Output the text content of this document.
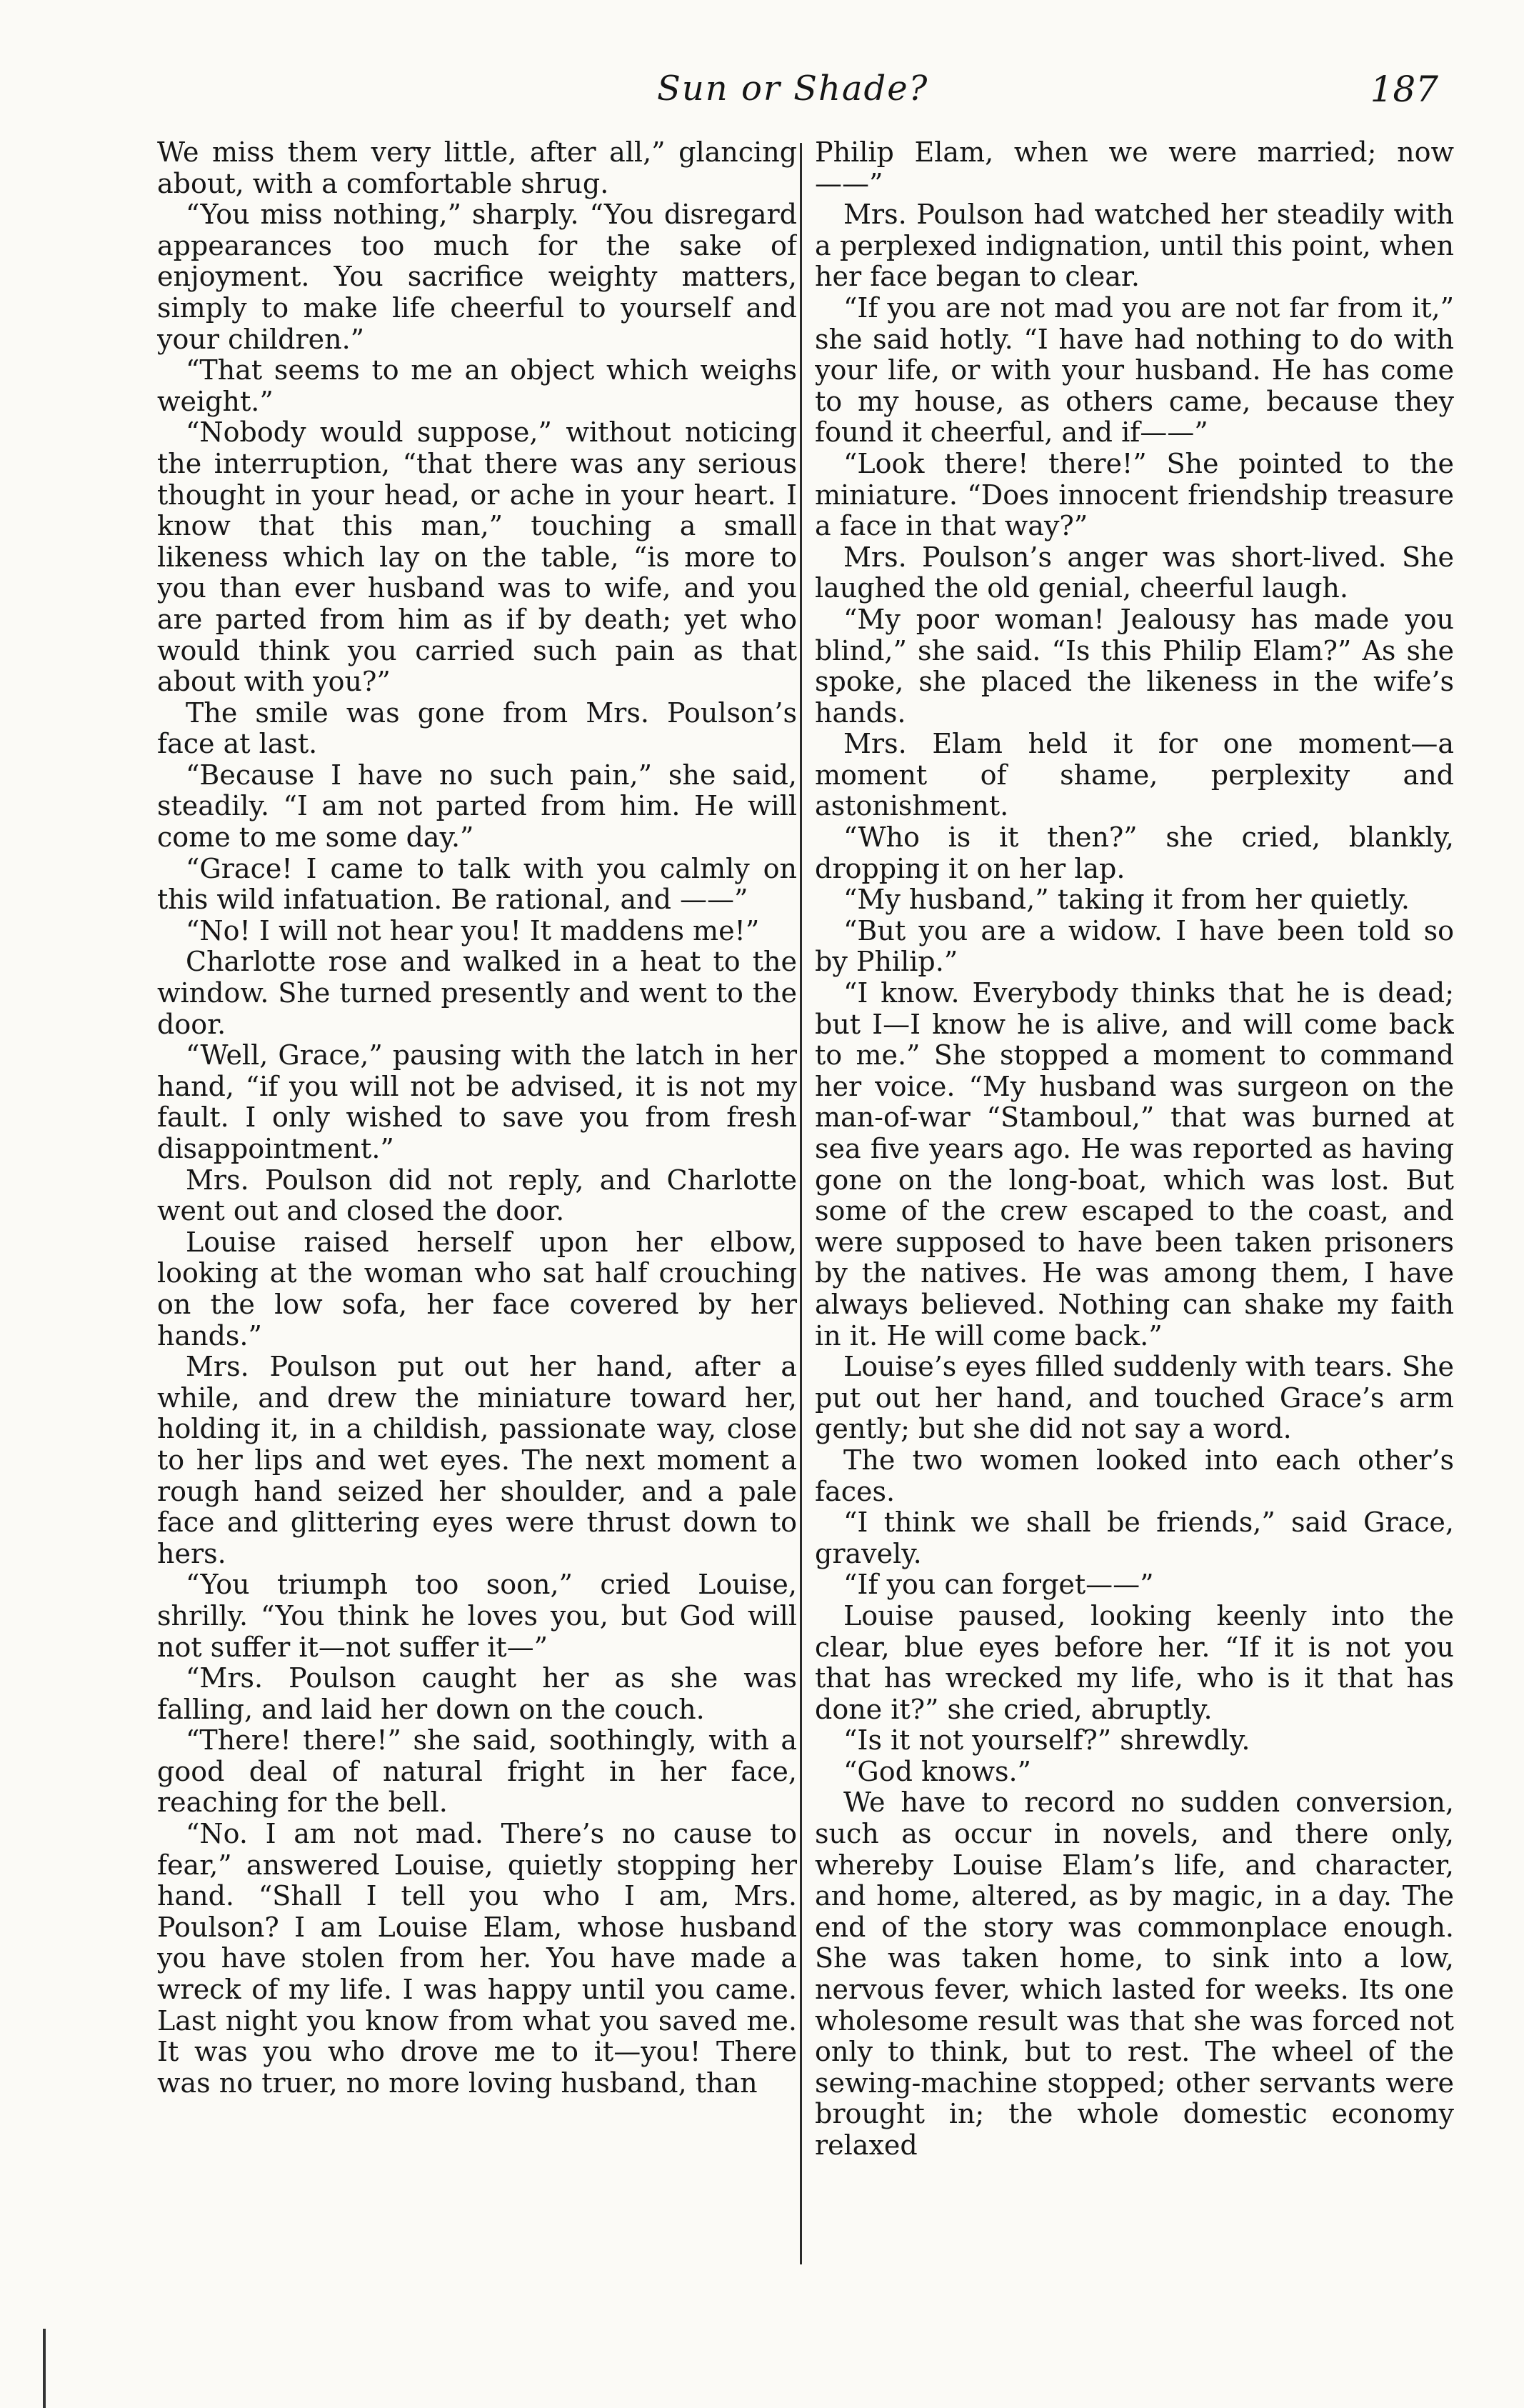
Sun or Shade?	187

We miss them very little, after all,” glancing about, with a comfortable shrug.

“You miss nothing,” sharply. “You disregard appearances too much for the sake of enjoyment. You sacrifice weighty matters, simply to make life cheerful to yourself and your children.”

“That seems to me an object which weighs weight.”

“Nobody would suppose,” without noticing the interruption, “that there was any serious thought in your head, or ache in your heart. I know that this man,” touching a small likeness which lay on the table, “is more to you than ever husband was to wife, and you are parted from him as if by death; yet who would think you carried such pain as that about with you?”

The smile was gone from Mrs. Poulson’s face at last.

“Because I have no such pain,” she said, steadily. “I am not parted from him. He will come to me some day.”

“Grace! I came to talk with you calmly on this wild infatuation. Be rational, and ——”

“No! I will not hear you! It maddens me!”

Charlotte rose and walked in a heat to the window. She turned presently and went to the door.

“Well, Grace,” pausing with the latch in her hand, “if you will not be advised, it is not my fault. I only wished to save you from fresh disappointment.”

Mrs. Poulson did not reply, and Charlotte went out and closed the door.

Louise raised herself upon her elbow, looking at the woman who sat half crouching on the low sofa, her face covered by her hands.”

Mrs. Poulson put out her hand, after a while, and drew the miniature toward her, holding it, in a childish, passionate way, close to her lips and wet eyes. The next moment a rough hand seized her shoulder, and a pale face and glittering eyes were thrust down to hers.

“You triumph too soon,” cried Louise, shrilly. “You think he loves you, but God will not suffer it—not suffer it—”

“Mrs. Poulson caught her as she was falling, and laid her down on the couch.

“There! there!” she said, soothingly, with a good deal of natural fright in her face, reaching for the bell.

“No. I am not mad. There’s no cause to fear,” answered Louise, quietly stopping her hand. “Shall I tell you who I am, Mrs. Poulson? I am Louise Elam, whose husband you have stolen from her. You have made a wreck of my life. I was happy until you came. Last night you know from what you saved me. It was you who drove me to it—you! There was no truer, no more loving husband, than

Philip Elam, when we were married; now ——”

Mrs. Poulson had watched her steadily with a perplexed indignation, until this point, when her face began to clear.

“If you are not mad you are not far from it,” she said hotly. “I have had nothing to do with your life, or with your husband. He has come to my house, as others came, because they found it cheerful, and if——”

“Look there! there!” She pointed to the miniature. “Does innocent friendship treasure a face in that way?”

Mrs. Poulson’s anger was short-lived. She laughed the old genial, cheerful laugh.

“My poor woman! Jealousy has made you blind,” she said. “Is this Philip Elam?” As she spoke, she placed the likeness in the wife’s hands.

Mrs. Elam held it for one moment—a moment of shame, perplexity and astonishment.

“Who is it then?” she cried, blankly, dropping it on her lap.

“My husband,” taking it from her quietly.

“But you are a widow. I have been told so by Philip.”

“I know. Everybody thinks that he is dead; but I—I know he is alive, and will come back to me.” She stopped a moment to command her voice. “My husband was surgeon on the man-of-war “Stamboul,” that was burned at sea five years ago. He was reported as having gone on the long-boat, which was lost. But some of the crew escaped to the coast, and were supposed to have been taken prisoners by the natives. He was among them, I have always believed. Nothing can shake my faith in it. He will come back.”

Louise’s eyes filled suddenly with tears. She put out her hand, and touched Grace’s arm gently; but she did not say a word.

The two women looked into each other’s faces.

“I think we shall be friends,” said Grace, gravely.

“If you can forget——”

Louise paused, looking keenly into the clear, blue eyes before her. “If it is not you that has wrecked my life, who is it that has done it?” she cried, abruptly.

“Is it not yourself?” shrewdly.

“God knows.”

We have to record no sudden conversion, such as occur in novels, and there only, whereby Louise Elam’s life, and character, and home, altered, as by magic, in a day. The end of the story was commonplace enough. She was taken home, to sink into a low, nervous fever, which lasted for weeks. Its one wholesome result was that she was forced not only to think, but to rest. The wheel of the sewing-machine stopped; other servants were brought in; the whole domestic economy relaxed
